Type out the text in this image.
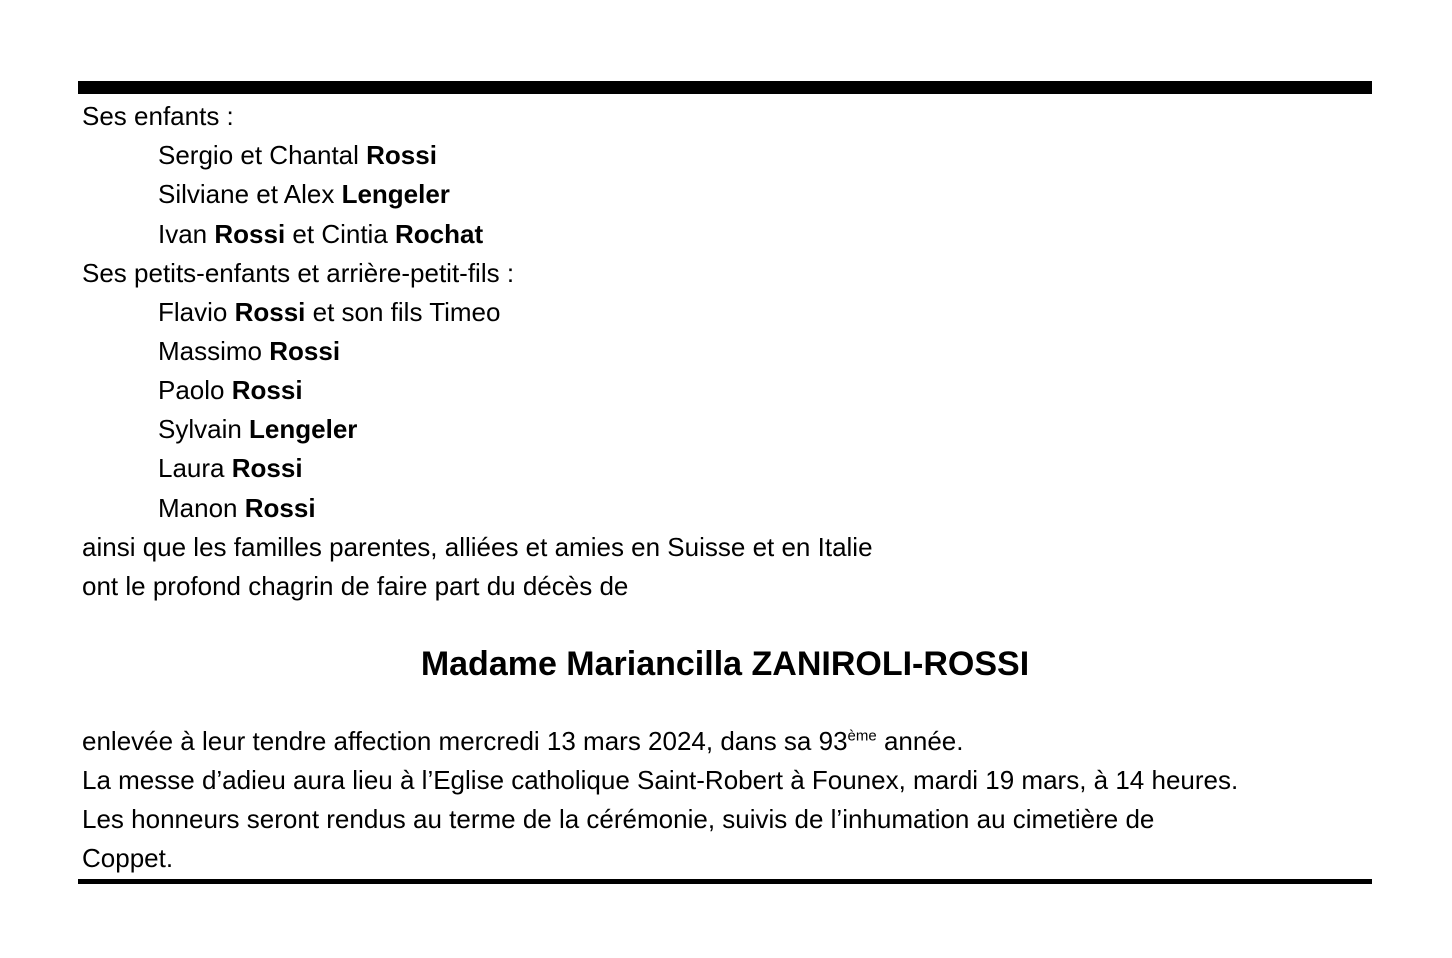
Ses enfants :
Sergio et Chantal Rossi
Silviane et Alex Lengeler
Ivan Rossi et Cintia Rochat
Ses petits-enfants et arrière-petit-fils :
Flavio Rossi et son fils Timeo
Massimo Rossi
Paolo Rossi
Sylvain Lengeler
Laura Rossi
Manon Rossi
ainsi que les familles parentes, alliées et amies en Suisse et en Italie
ont le profond chagrin de faire part du décès de
Madame Mariancilla ZANIROLI-ROSSI
enlevée à leur tendre affection mercredi 13 mars 2024, dans sa 93ème année.
La messe d’adieu aura lieu à l’Eglise catholique Saint-Robert à Founex, mardi 19 mars, à 14 heures.
Les honneurs seront rendus au terme de la cérémonie, suivis de l’inhumation au cimetière de
Coppet.
